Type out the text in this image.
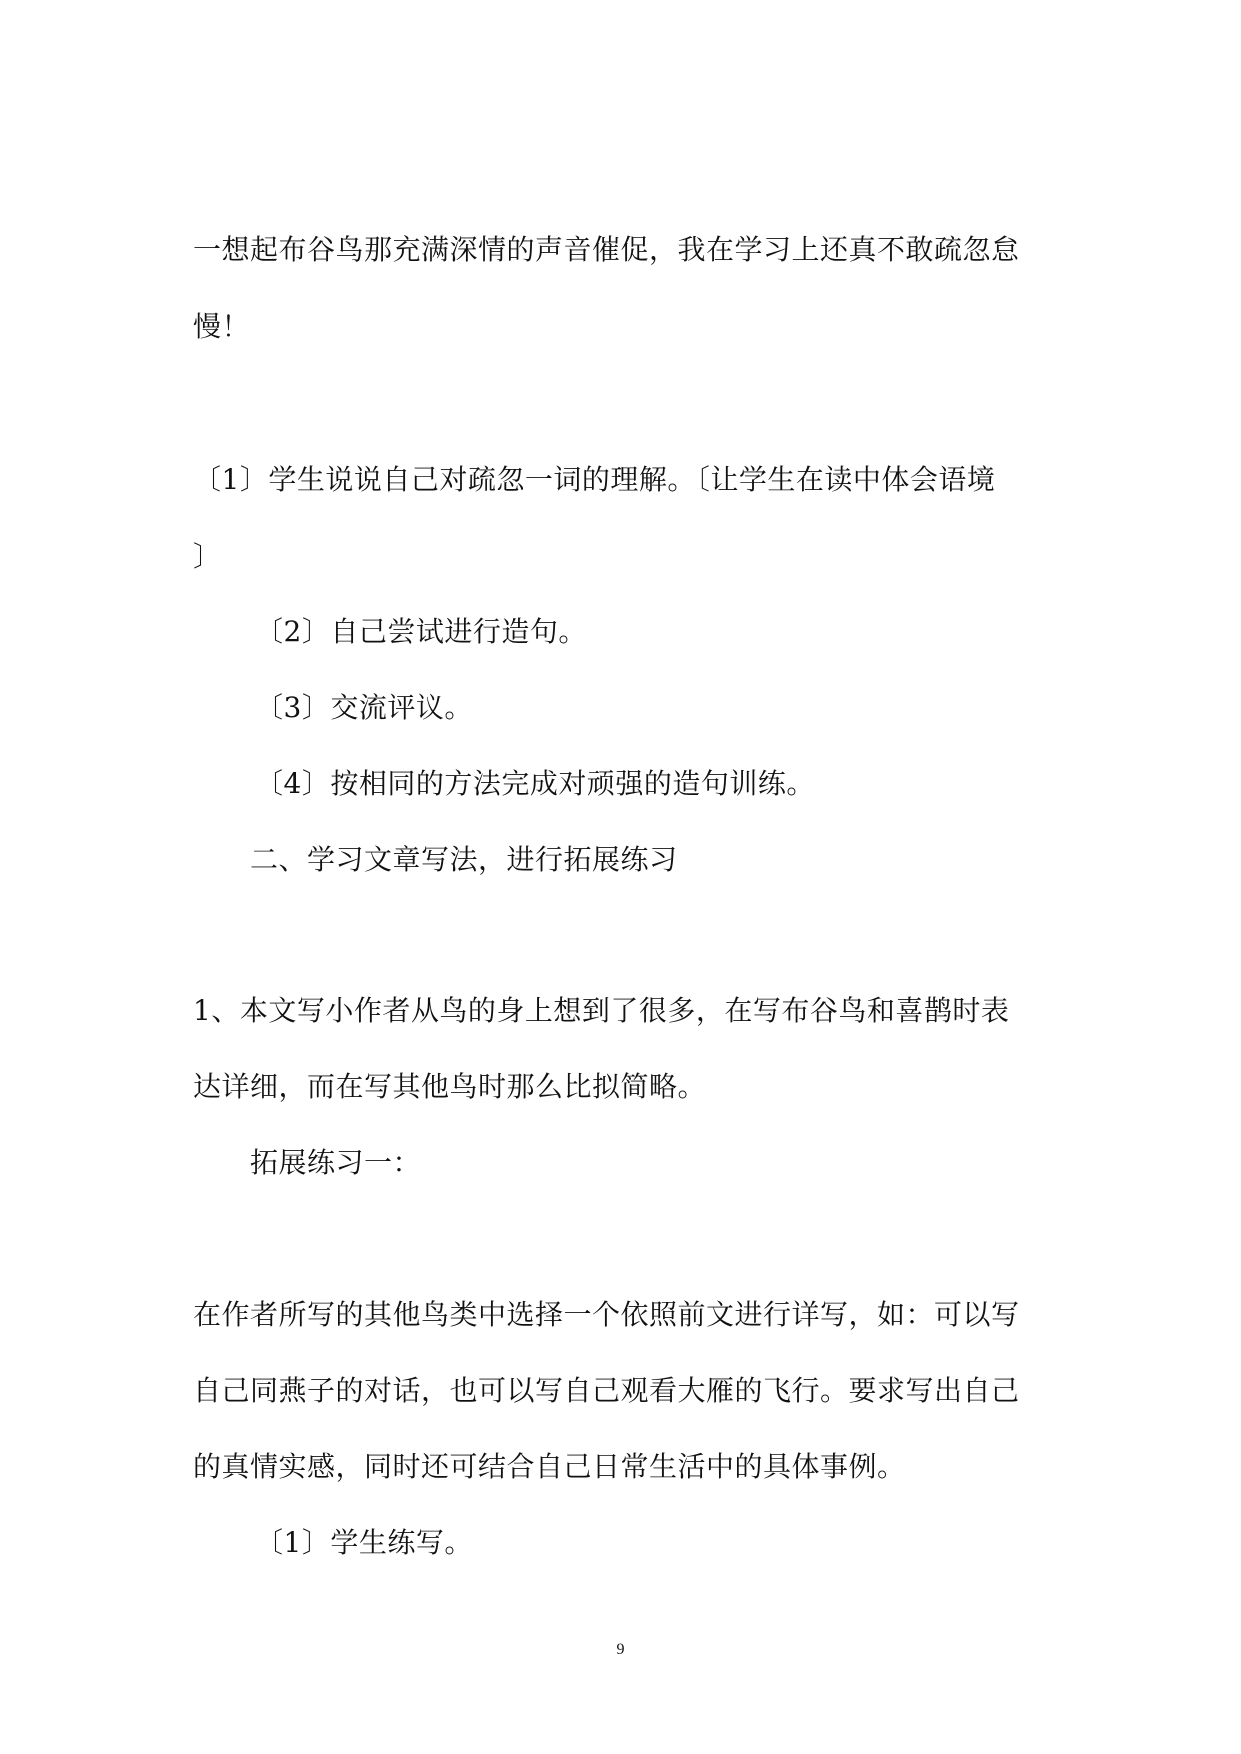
一想起布谷鸟那充满深情的声音催促，我在学习上还真不敢疏忽怠
慢！
〔1〕学生说说自己对疏忽一词的理解。〔让学生在读中体会语境
〕
〔2〕自己尝试进行造句。
〔3〕交流评议。
〔4〕按相同的方法完成对顽强的造句训练。
二、学习文章写法，进行拓展练习
1、本文写小作者从鸟的身上想到了很多，在写布谷鸟和喜鹊时表
达详细，而在写其他鸟时那么比拟简略。
拓展练习一：
在作者所写的其他鸟类中选择一个依照前文进行详写，如：可以写
自己同燕子的对话，也可以写自己观看大雁的飞行。要求写出自己
的真情实感，同时还可结合自己日常生活中的具体事例。
〔1〕学生练写。
9
